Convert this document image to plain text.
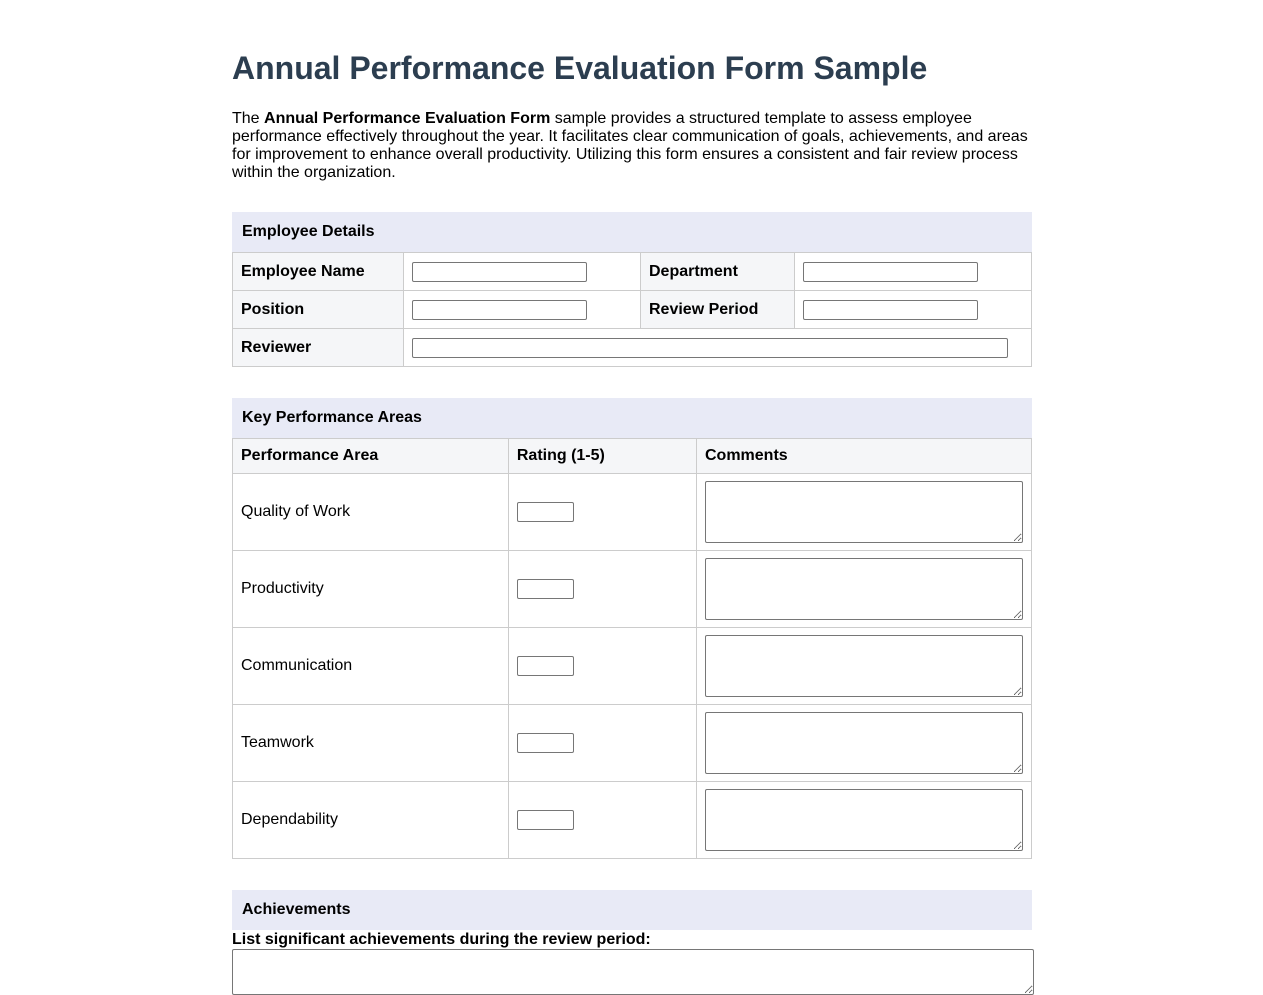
Annual Performance Evaluation Form Sample

The Annual Performance Evaluation Form sample provides a structured template to assess employee performance effectively throughout the year. It facilitates clear communication of goals, achievements, and areas for improvement to enhance overall productivity. Utilizing this form ensures a consistent and fair review process within the organization.

Employee Details
Employee Name		Department	
Position		Review Period	
Reviewer	
Key Performance Areas
Performance Area	Rating (1-5)	Comments
Quality of Work		

Productivity		

Communication		

Teamwork		

Dependability		
Achievements
List significant achievements during the review period:
